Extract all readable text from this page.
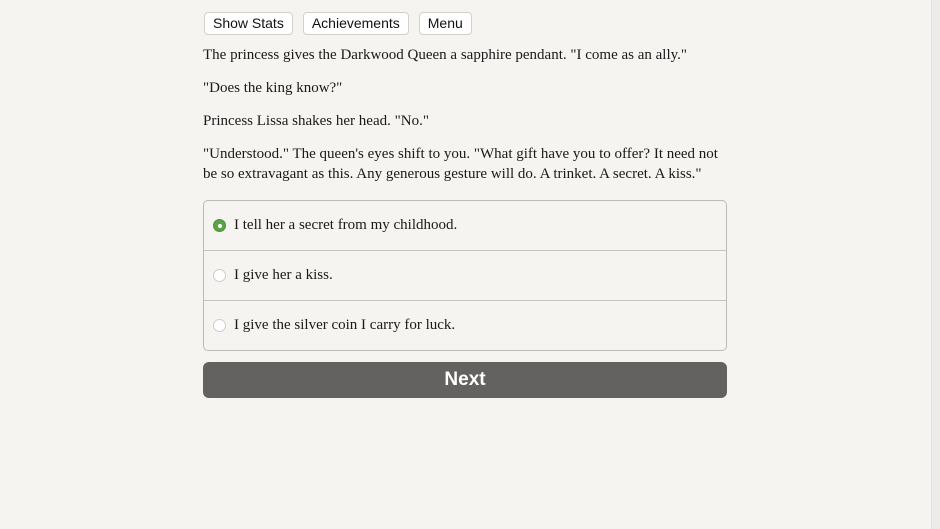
Show Stats	Achievements	Menu

The princess gives the Darkwood Queen a sapphire pendant. "I come as an ally."

"Does the king know?"

Princess Lissa shakes her head. "No."

"Understood." The queen's eyes shift to you. "What gift have you to offer? It need not be so extravagant as this. Any generous gesture will do. A trinket. A secret. A kiss."

I tell her a secret from my childhood.
I give her a kiss.
I give the silver coin I carry for luck.
Next
